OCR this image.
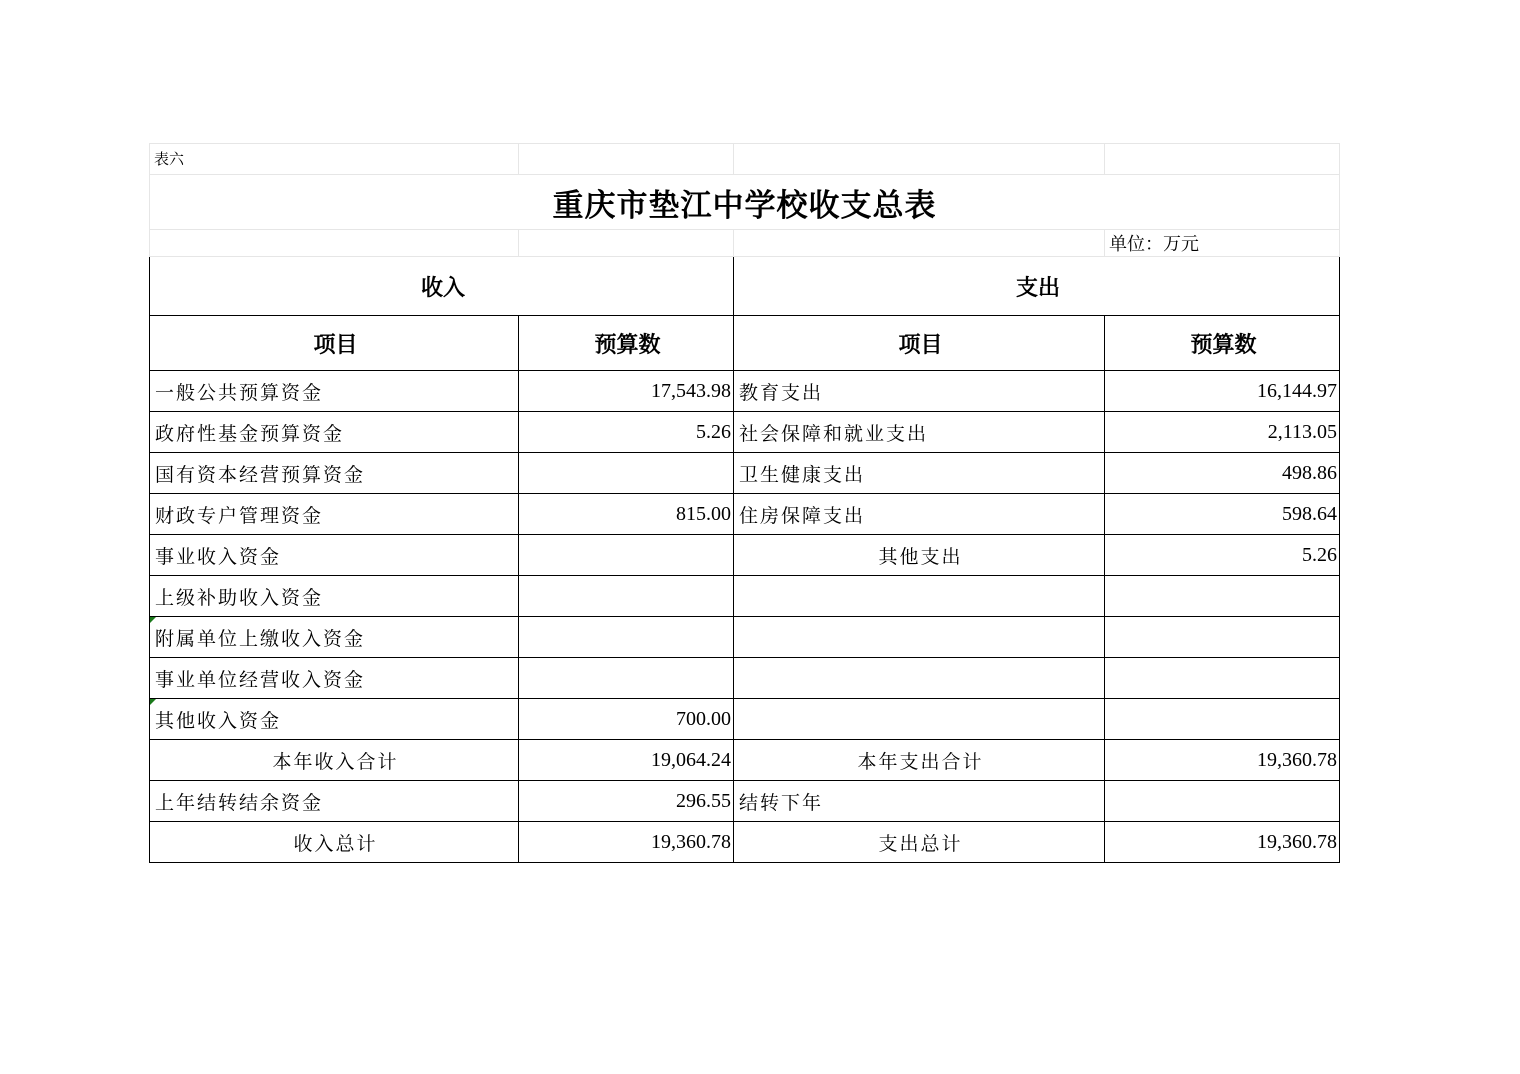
表六			
重庆市垫江中学校收支总表			
			单位：万元
收入		支出	
项目	预算数	项目	预算数
一般公共预算资金	17,543.98	教育支出	16,144.97
政府性基金预算资金	5.26	社会保障和就业支出	2,113.05
国有资本经营预算资金		卫生健康支出	498.86
财政专户管理资金	815.00	住房保障支出	598.64
事业收入资金		其他支出	5.26
上级补助收入资金			
附属单位上缴收入资金			
事业单位经营收入资金			
其他收入资金	700.00		
本年收入合计	19,064.24	本年支出合计	19,360.78
上年结转结余资金	296.55	结转下年	
收入总计	19,360.78	支出总计	19,360.78
